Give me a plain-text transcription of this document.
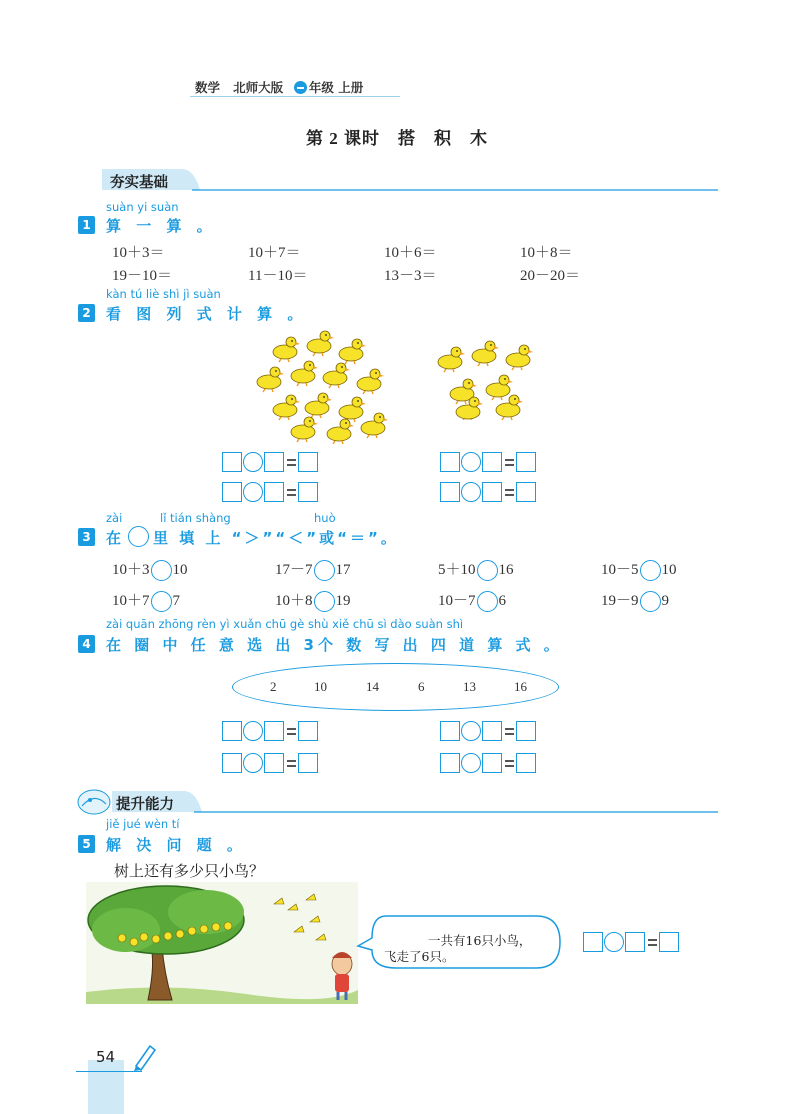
数学 北师大版 年级 上册
第 2 课时　搭　积　木
夯实基础
suàn yi suàn
1 算 一 算 。
10＋3＝	10＋7＝	10＋6＝	10＋8＝
19－10＝	11－10＝	13－3＝	20－20＝
kàn tú liè shì jì suàn
2 看 图 列 式 计 算 。
zài	lǐ tián shàng	huò
3 在 里 填 上 “＞”“＜”或“＝”。
10＋3 10	17－7 17	5＋10 16	10－5 10
10＋7 7	10＋8 19	10－7 6	19－9 9
zài quān zhōng rèn yì xuǎn chū gè shù xiě chū sì dào suàn shì
4 在 圈 中 任 意 选 出 3个 数 写 出 四 道 算 式 。
2	10	14	6	13	16
提升能力
jiě jué wèn tí
5 解 决 问 题 。
树上还有多少只小鸟？
一共有16只小鸟，
飞走了6只。
54
